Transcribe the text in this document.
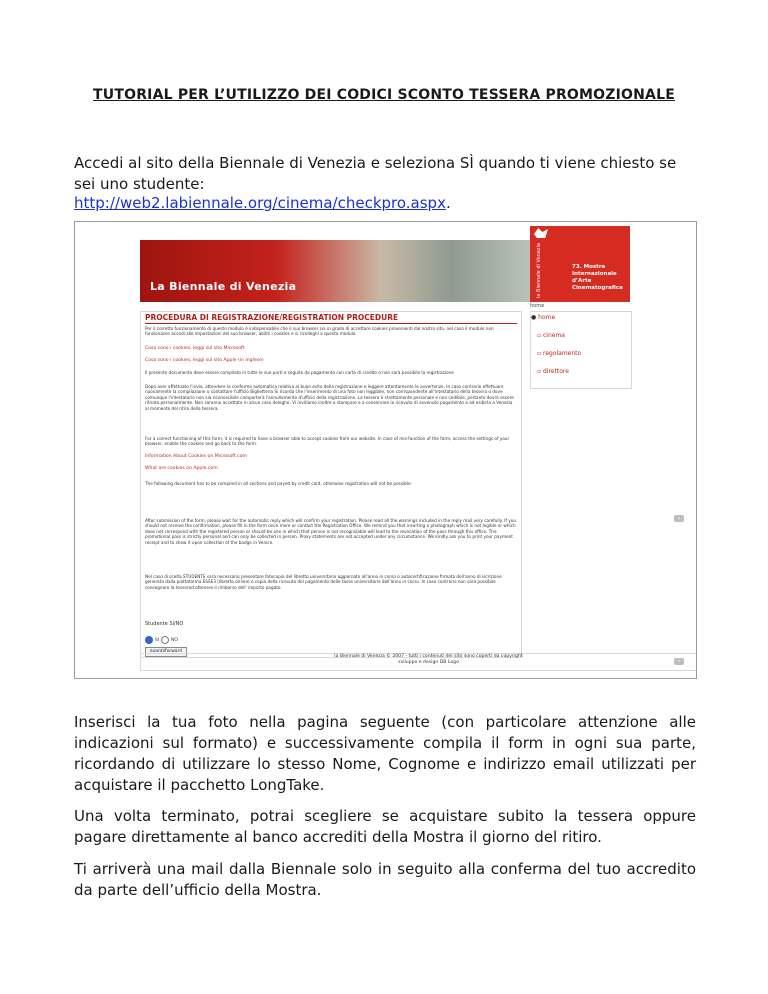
TUTORIAL PER L’UTILIZZO DEI CODICI SCONTO TESSERA PROMOZIONALE
Accedi al sito della Biennale di Venezia e seleziona SÌ quando ti viene chiesto se sei uno studente:
http://web2.labiennale.org/cinema/checkpro.aspx.
La Biennale di Venezia	la Biennale di Venezia	73. Mostra
Internazionale
d’Arte
Cinematografica
home
PROCEDURA DI REGISTRAZIONE/REGISTRATION PROCEDURE
Per il corretto funzionamento di questo modulo è indispensabile che il suo browser sia in grado di accettare cookies provenienti dal nostro sito. nel caso il modulo non funzionasse accedi alle impostazioni del suo browser, abiliti i cookies e si ricolleghi a questo modulo.
Cosa sono i cookies, leggi sul sito Microsoft
Cosa sono i cookies, leggi sul sito Apple (in inglese)
Il presente documento deve essere compilato in tutte le sue parti e seguito da pagamento con carta di credito o non sarà possibile la registrazione
Dopo aver effettuato l'invio, attendere la conferma automatica relativa al buon esito della registrazione e leggere attentamente le avvertenze. In caso contrario effettuare nuovamente la compilazione o contattare l'ufficio Biglietteria Si ricorda che l'inserimento di una foto non leggibile, non corrispondente all'intestatario della tessera o dove comunque l'intestatario non sia riconoscibile comporterà l'annullamento d'ufficio della registrazione. La tessera è strettamente personale e non cedibile, pertanto dovrà essere ritirato personalmente. Non saranno accettate in alcun caso deleghe. Vi invitiamo inoltre a stampare e a conservare la ricevuta di avvenuto pagamento e ad esibirla a Venezia al momento del ritiro della tessera.
For a correct functioning of this form, it is required to have a browser able to accept cookies from our website. In case of mis-function of the form, access the settings of your browser, enable the cookies and go back to the form.
Information About Cookies on Microsoft.com
What are cookies on Apple.com
The following document has to be compiled in all sections and payed by credit card, otherwise registration will not be possible:
After submission of the form, please wait for the automatic reply which will confirm your registration. Please read all the warnings included in the reply mail very carefully. If you should not receive the confirmation, please fill in the form once more or contact the Registration Office. We remind you that inserting a photograph which is not legible or which does not correspond with the registered person or should be one in which that person is not recognizable will lead to the revocation of the pass through this office. The promotional pass is strictly personal and can only be collected in person. Proxy statements are not accepted under any circumstance. We kindly ask you to print your payment receipt and to show it upon collection of the badge in Venice.
Nel caso di scelta STUDENTE sarà necessario presentare fotocopia del libretto universitario aggiornato all'anno in corso o autocertificazione firmata dell'anno di iscrizione generata dalla piattaforma ESSE3 (libretto online) o copia della ricevuta del pagamento delle tasse universitarie dell'anno in corso. In caso contrario non sarà possibile consegnare la tesserad ottenere il rimborso dell' importo pagato.
Studente SI/NO
SI	NO
avanti/forward
● home
▫ cinema
▫ regolamento
▫ direttore
la Biennale di Venezia © 2007 - tutti i contenuti del sito sono coperti da copyright
sviluppo e design DB Logo
‹
‹
Inserisci la tua foto nella pagina seguente (con particolare attenzione alle indicazioni sul formato) e successivamente compila il form in ogni sua parte, ricordando di utilizzare lo stesso Nome, Cognome e indirizzo email utilizzati per acquistare il pacchetto LongTake.
Una volta terminato, potrai scegliere se acquistare subito la tessera oppure pagare direttamente al banco accrediti della Mostra il giorno del ritiro.
Ti arriverà una mail dalla Biennale solo in seguito alla conferma del tuo accredito da parte dell’ufficio della Mostra.
